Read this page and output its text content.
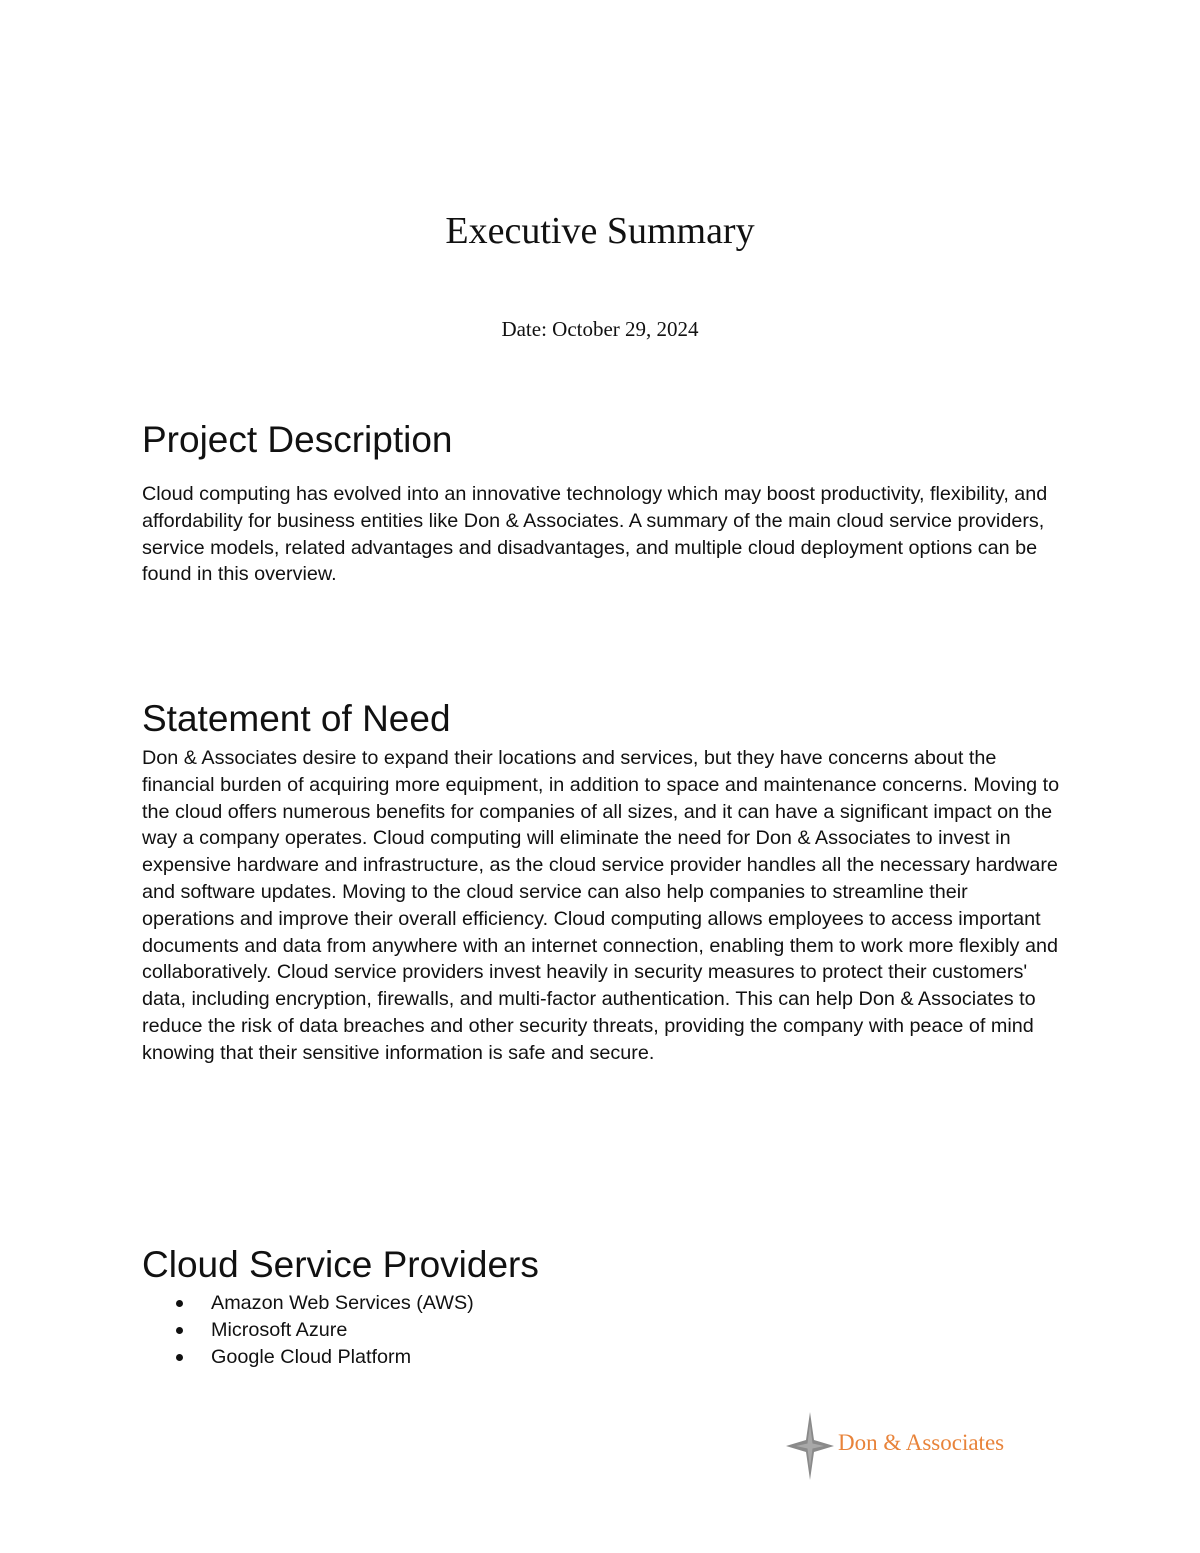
Executive Summary
Date: October 29, 2024
Project Description

Cloud computing has evolved into an innovative technology which may boost productivity, flexibility, and affordability for business entities like Don & Associates. A summary of the main cloud service providers, service models, related advantages and disadvantages, and multiple cloud deployment options can be found in this overview.

Statement of Need

Don & Associates desire to expand their locations and services, but they have concerns about the financial burden of acquiring more equipment, in addition to space and maintenance concerns. Moving to the cloud offers numerous benefits for companies of all sizes, and it can have a significant impact on the way a company operates. Cloud computing will eliminate the need for Don & Associates to invest in expensive hardware and infrastructure, as the cloud service provider handles all the necessary hardware and software updates. Moving to the cloud service can also help companies to streamline their operations and improve their overall efficiency. Cloud computing allows employees to access important documents and data from anywhere with an internet connection, enabling them to work more flexibly and collaboratively. Cloud service providers invest heavily in security measures to protect their customers' data, including encryption, firewalls, and multi-factor authentication. This can help Don & Associates to reduce the risk of data breaches and other security threats, providing the company with peace of mind knowing that their sensitive information is safe and secure.

Cloud Service Providers
Amazon Web Services (AWS)
Microsoft Azure
Google Cloud Platform
Don & Associates
